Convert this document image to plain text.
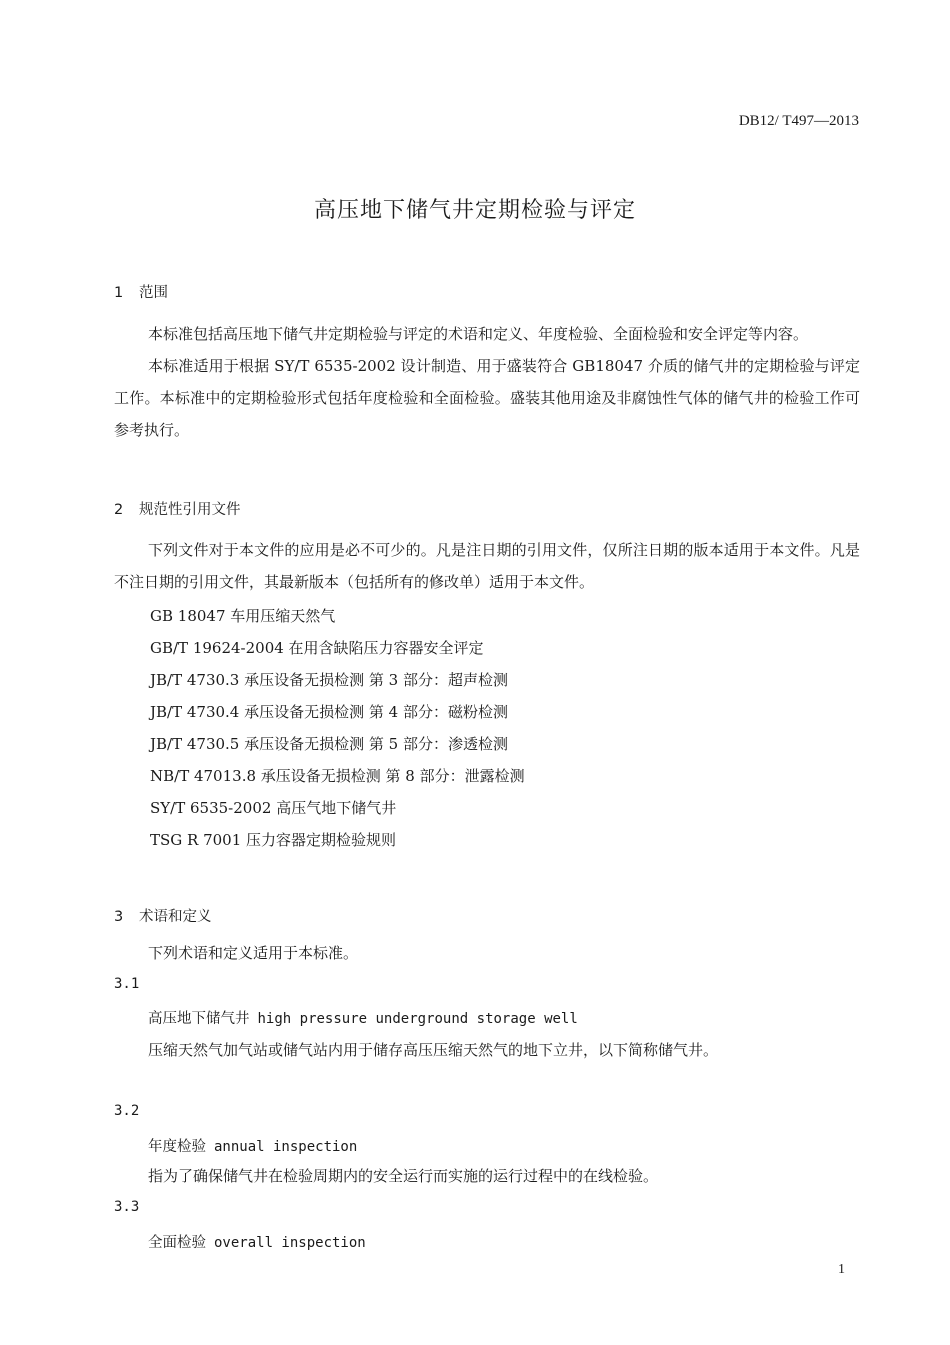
DB12/ T497—2013
高压地下储气井定期检验与评定
1 范围

本标准包括高压地下储气井定期检验与评定的术语和定义、年度检验、全面检验和安全评定等内容。

本标准适用于根据 SY/T 6535-2002 设计制造、用于盛装符合 GB18047 介质的储气井的定期检验与评定工作。本标准中的定期检验形式包括年度检验和全面检验。盛装其他用途及非腐蚀性气体的储气井的检验工作可参考执行。

2 规范性引用文件

下列文件对于本文件的应用是必不可少的。凡是注日期的引用文件，仅所注日期的版本适用于本文件。凡是不注日期的引用文件，其最新版本（包括所有的修改单）适用于本文件。

GB 18047 车用压缩天然气
GB/T 19624-2004 在用含缺陷压力容器安全评定
JB/T 4730.3 承压设备无损检测 第 3 部分：超声检测
JB/T 4730.4 承压设备无损检测 第 4 部分：磁粉检测
JB/T 4730.5 承压设备无损检测 第 5 部分：渗透检测
NB/T 47013.8 承压设备无损检测 第 8 部分：泄露检测
SY/T 6535-2002 高压气地下储气井
TSG R 7001 压力容器定期检验规则
3 术语和定义
下列术语和定义适用于本标准。
3.1
高压地下储气井 high pressure underground storage well
压缩天然气加气站或储气站内用于储存高压压缩天然气的地下立井，以下简称储气井。
3.2
年度检验 annual inspection
指为了确保储气井在检验周期内的安全运行而实施的运行过程中的在线检验。
3.3
全面检验 overall inspection
1
